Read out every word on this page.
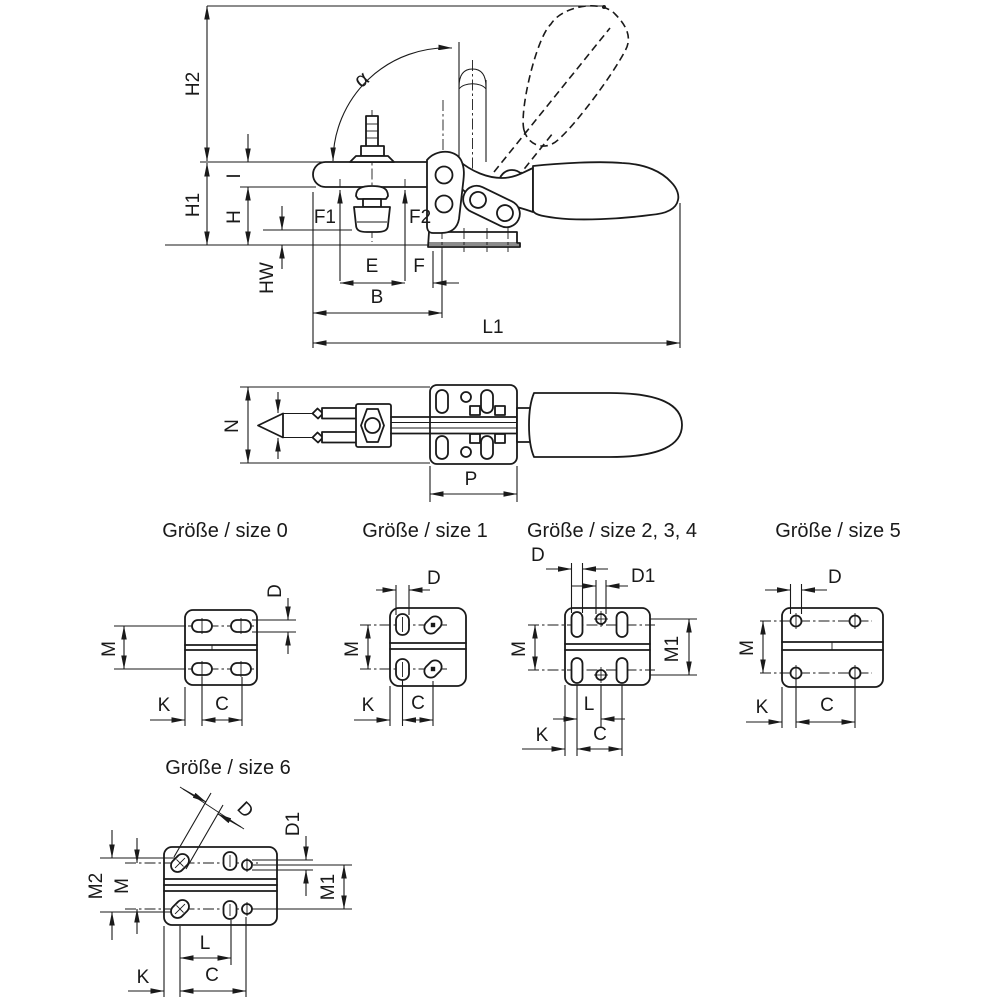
α
H2
H1
I
H
HW
F1	F2
E F
B
L1
N
P
Größe / size 0
D
M
K C
Größe / size 1
D
M
K C
Größe / size 2, 3, 4
D
D1
M	M1
L
K C
Größe / size 5
D
M
K	C
Größe / size 6
D
D1
M2 M	M1
L
K	C
